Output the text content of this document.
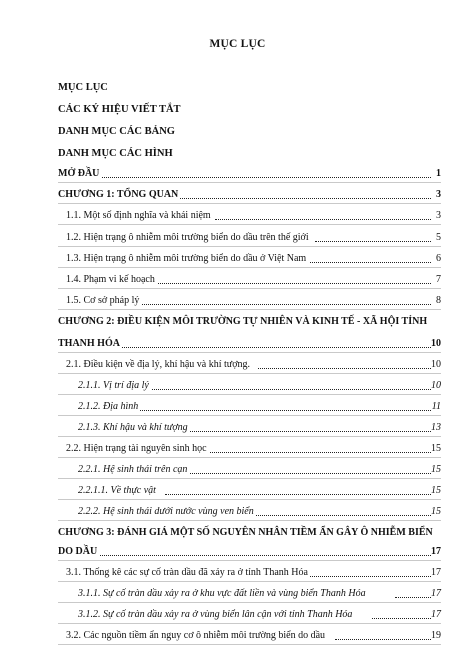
MỤC LỤC
MỤC LỤC
CÁC KÝ HIỆU VIẾT TẮT
DANH MỤC CÁC BẢNG
DANH MỤC CÁC HÌNH
MỞ ĐẦU	1
CHƯƠNG 1: TỔNG QUAN	3
1.1. Một số định nghĩa và khái niệm	3
1.2. Hiện trạng ô nhiễm môi trường biển do dầu trên thế giới	5
1.3. Hiện trạng ô nhiễm môi trường biển do dầu ở Việt Nam	6
1.4. Phạm vi kế hoạch	7
1.5. Cơ sở pháp lý	8
CHƯƠNG 2: ĐIỀU KIỆN MÔI TRƯỜNG TỰ NHIÊN VÀ KINH TẾ - XÃ HỘI TỈNH
THANH HÓA	10
2.1. Điều kiện về địa lý, khí hậu và khí tượng.	10
2.1.1. Vị trí địa lý	10
2.1.2. Địa hình	11
2.1.3. Khí hậu và khí tượng	13
2.2. Hiện trạng tài nguyên sinh học	15
2.2.1. Hệ sinh thái trên cạn	15
2.2.1.1. Về thực vật	15
2.2.2. Hệ sinh thái dưới nước vùng ven biển	15
CHƯƠNG 3: ĐÁNH GIÁ MỘT SỐ NGUYÊN NHÂN TIỀM ẨN GÂY Ô NHIỄM BIỂN
DO DẦU	17
3.1. Thống kê các sự cố tràn dầu đã xảy ra ở tỉnh Thanh Hóa	17
3.1.1. Sự cố tràn dầu xảy ra ở khu vực đất liền và vùng biển Thanh Hóa	17
3.1.2. Sự cố tràn dầu xảy ra ở vùng biển lân cận với tỉnh Thanh Hóa	17
3.2. Các nguồn tiềm ẩn nguy cơ ô nhiễm môi trường biển do dầu	19
